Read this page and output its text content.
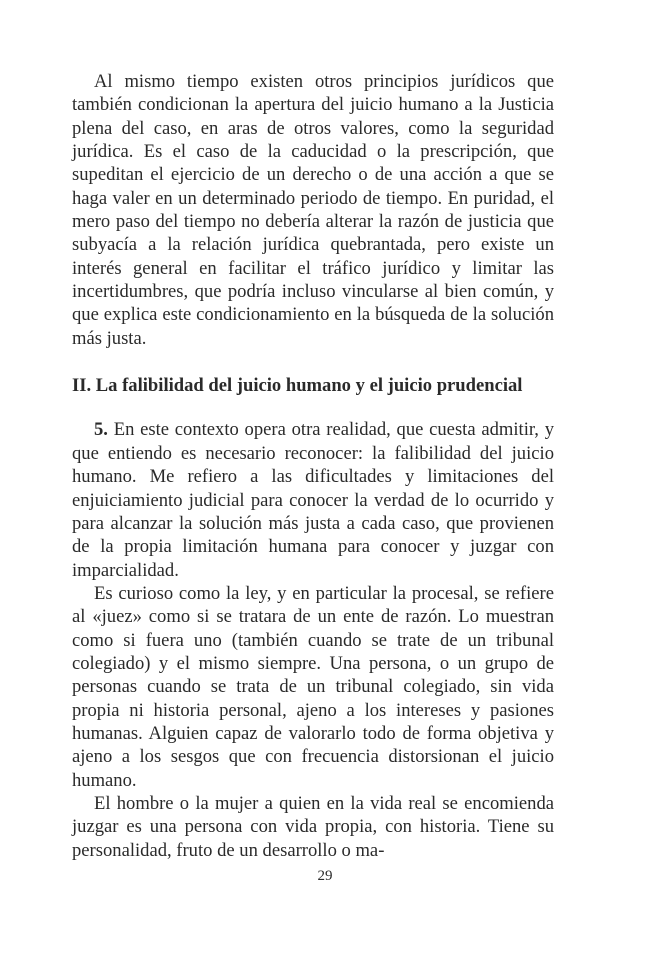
Al mismo tiempo existen otros principios jurídicos que también condicionan la apertura del juicio humano a la Justicia plena del caso, en aras de otros valores, como la seguridad jurídica. Es el caso de la caducidad o la prescripción, que supeditan el ejercicio de un derecho o de una acción a que se haga valer en un determinado periodo de tiempo. En puridad, el mero paso del tiempo no debería alterar la razón de justicia que subyacía a la relación jurídica quebrantada, pero existe un interés general en facilitar el tráfico jurídico y limitar las incertidumbres, que podría incluso vincularse al bien común, y que explica este condicionamiento en la búsqueda de la solución más justa.

II. La falibilidad del juicio humano y el juicio prudencial

5. En este contexto opera otra realidad, que cuesta admitir, y que entiendo es necesario reconocer: la falibilidad del juicio humano. Me refiero a las dificultades y limitaciones del enjuiciamiento judicial para conocer la verdad de lo ocurrido y para alcanzar la solución más justa a cada caso, que provienen de la propia limitación humana para conocer y juzgar con imparcialidad.

Es curioso como la ley, y en particular la procesal, se refiere al «juez» como si se tratara de un ente de razón. Lo muestran como si fuera uno (también cuando se trate de un tribunal colegiado) y el mismo siempre. Una persona, o un grupo de personas cuando se trata de un tribunal colegiado, sin vida propia ni historia personal, ajeno a los intereses y pasiones humanas. Alguien capaz de valorarlo todo de forma objetiva y ajeno a los sesgos que con frecuencia distorsionan el juicio humano.

El hombre o la mujer a quien en la vida real se encomienda juzgar es una persona con vida propia, con historia. Tiene su personalidad, fruto de un desarrollo o ma-

29
